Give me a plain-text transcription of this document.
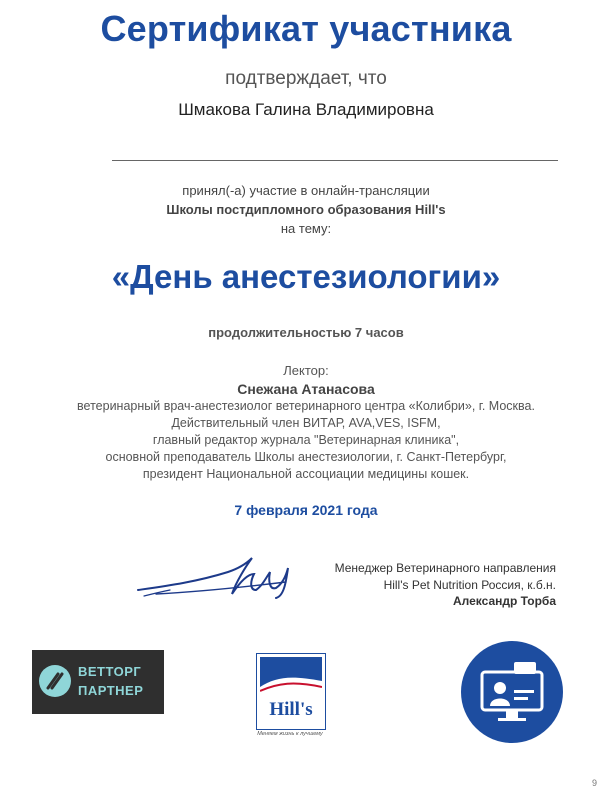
Сертификат участника
подтверждает, что
Шмакова Галина Владимировна
принял(-а) участие в онлайн-трансляции
Школы постдипломного образования Hill's
на тему:
«День анестезиологии»
продолжительностью 7 часов
Лектор:
Снежана Атанасова
ветеринарный врач-анестезиолог ветеринарного центра «Колибри», г. Москва.
Действительный член ВИТАР, AVA,VES, ISFM,
главный редактор журнала "Ветеринарная клиника",
основной преподаватель Школы анестезиологии, г. Санкт-Петербург,
президент Национальной ассоциации медицины кошек.
7 февраля 2021 года
Менеджер Ветеринарного направления
Hill's Pet Nutrition Россия, к.б.н.
Александр Торба
ВЕТТОРГ
ПАРТНЕР
Hill's
Меняем жизнь к лучшему
9
